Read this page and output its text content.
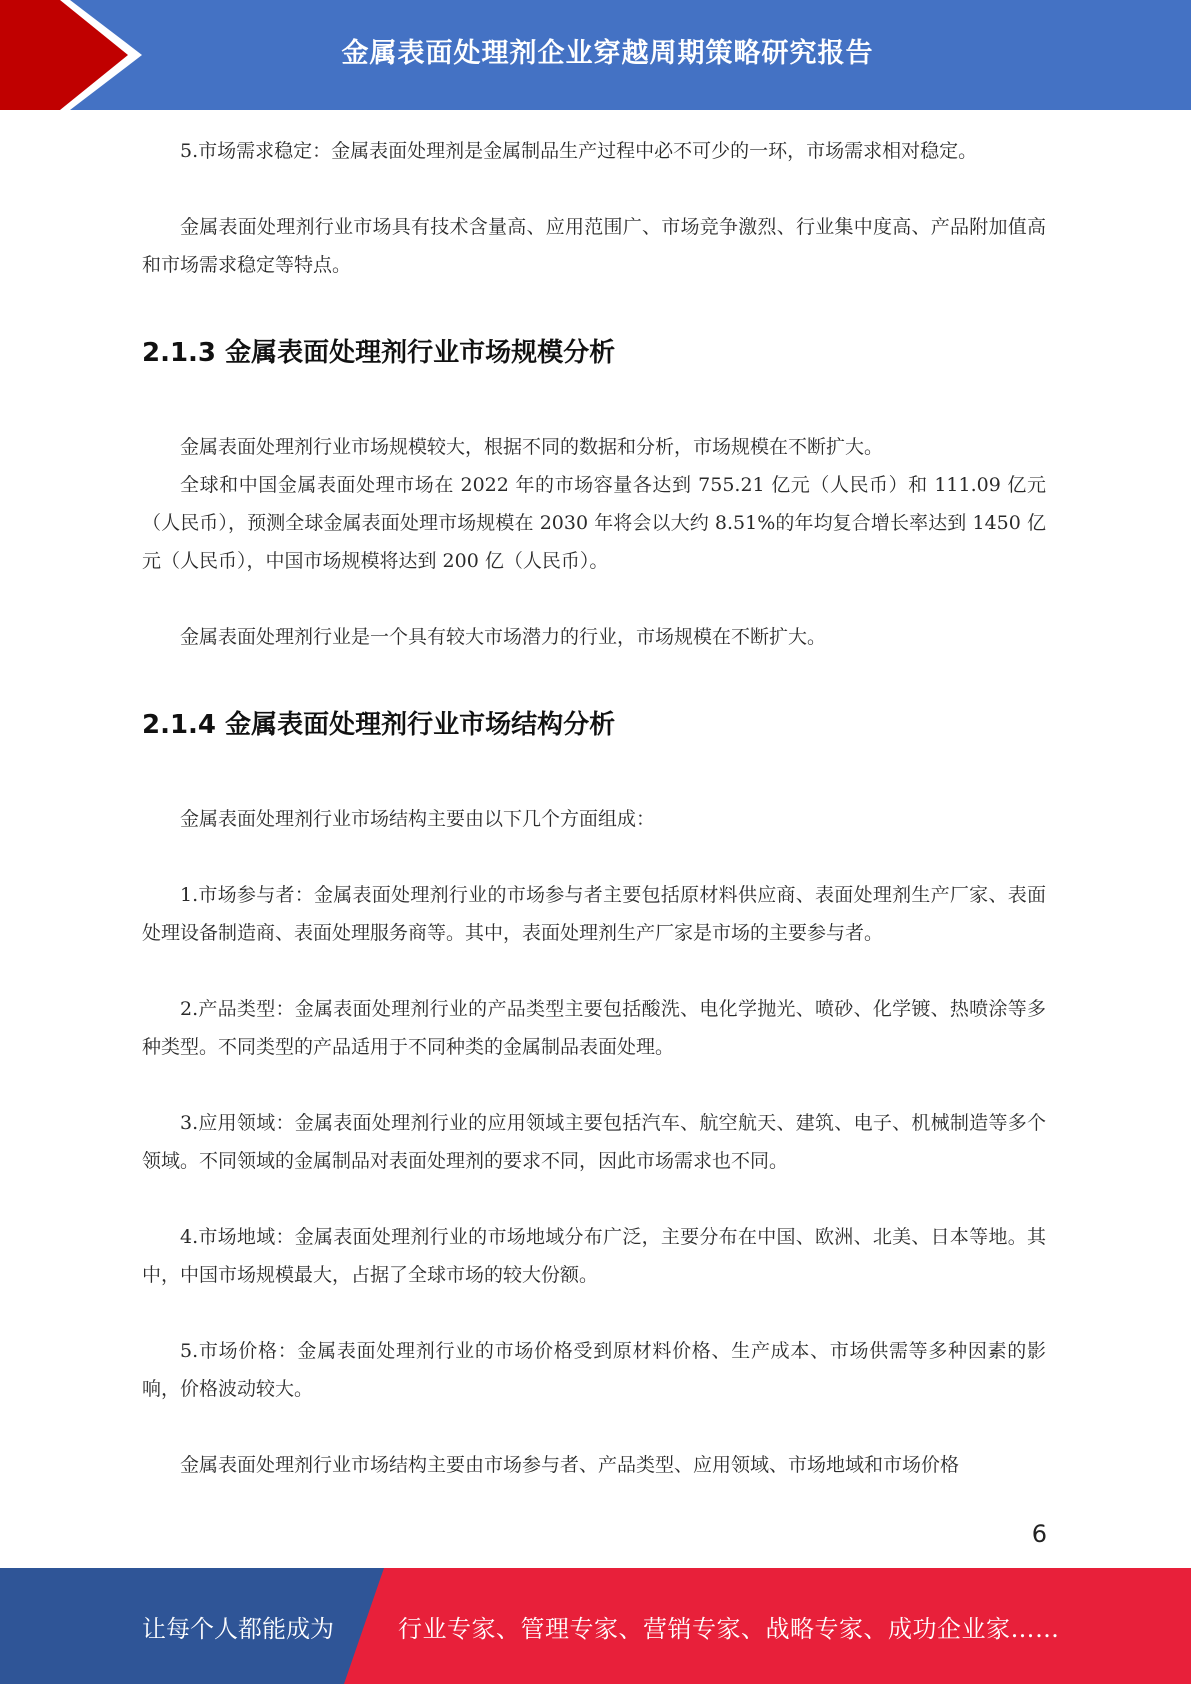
金属表面处理剂企业穿越周期策略研究报告

5.市场需求稳定：金属表面处理剂是金属制品生产过程中必不可少的一环，市场需求相对稳定。

金属表面处理剂行业市场具有技术含量高、应用范围广、市场竞争激烈、行业集中度高、产品附加值高和市场需求稳定等特点。

2.1.3 金属表面处理剂行业市场规模分析

金属表面处理剂行业市场规模较大，根据不同的数据和分析，市场规模在不断扩大。

全球和中国金属表面处理市场在 2022 年的市场容量各达到 755.21 亿元（人民币）和 111.09 亿元（人民币），预测全球金属表面处理市场规模在 2030 年将会以大约 8.51%的年均复合增长率达到 1450 亿元（人民币），中国市场规模将达到 200 亿（人民币）。

金属表面处理剂行业是一个具有较大市场潜力的行业，市场规模在不断扩大。

2.1.4 金属表面处理剂行业市场结构分析

金属表面处理剂行业市场结构主要由以下几个方面组成：

1.市场参与者：金属表面处理剂行业的市场参与者主要包括原材料供应商、表面处理剂生产厂家、表面处理设备制造商、表面处理服务商等。其中，表面处理剂生产厂家是市场的主要参与者。

2.产品类型：金属表面处理剂行业的产品类型主要包括酸洗、电化学抛光、喷砂、化学镀、热喷涂等多种类型。不同类型的产品适用于不同种类的金属制品表面处理。

3.应用领域：金属表面处理剂行业的应用领域主要包括汽车、航空航天、建筑、电子、机械制造等多个领域。不同领域的金属制品对表面处理剂的要求不同，因此市场需求也不同。

4.市场地域：金属表面处理剂行业的市场地域分布广泛，主要分布在中国、欧洲、北美、日本等地。其中，中国市场规模最大，占据了全球市场的较大份额。

5.市场价格：金属表面处理剂行业的市场价格受到原材料价格、生产成本、市场供需等多种因素的影响，价格波动较大。

金属表面处理剂行业市场结构主要由市场参与者、产品类型、应用领域、市场地域和市场价格

6
让每个人都能成为	行业专家、管理专家、营销专家、战略专家、成功企业家……
